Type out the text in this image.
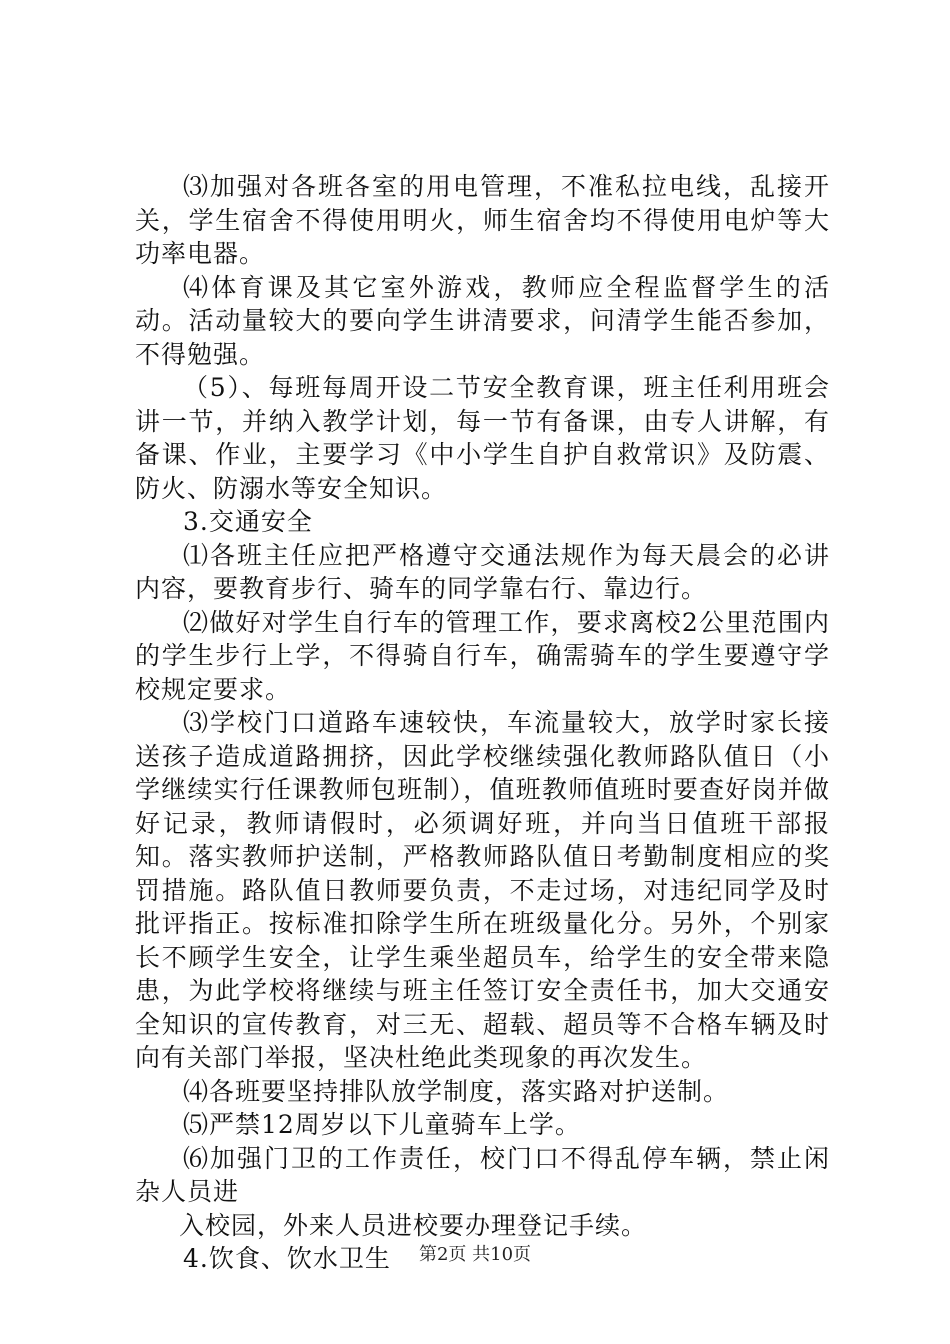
⑶加强对各班各室的用电管理，不准私拉电线，乱接开关，学生宿舍不得使用明火，师生宿舍均不得使用电炉等大功率电器。

⑷体育课及其它室外游戏，教师应全程监督学生的活动。活动量较大的要向学生讲清要求，问清学生能否参加，不得勉强。

（5）、每班每周开设二节安全教育课，班主任利用班会讲一节，并纳入教学计划，每一节有备课，由专人讲解，有备课、作业，主要学习《中小学生自护自救常识》及防震、防火、防溺水等安全知识。

3.交通安全

⑴各班主任应把严格遵守交通法规作为每天晨会的必讲内容，要教育步行、骑车的同学靠右行、靠边行。

⑵做好对学生自行车的管理工作，要求离校2公里范围内的学生步行上学，不得骑自行车，确需骑车的学生要遵守学校规定要求。

⑶学校门口道路车速较快，车流量较大，放学时家长接送孩子造成道路拥挤，因此学校继续强化教师路队值日（小学继续实行任课教师包班制），值班教师值班时要查好岗并做好记录，教师请假时，必须调好班，并向当日值班干部报知。落实教师护送制，严格教师路队值日考勤制度相应的奖罚措施。路队值日教师要负责，不走过场，对违纪同学及时批评指正。按标准扣除学生所在班级量化分。另外，个别家长不顾学生安全，让学生乘坐超员车，给学生的安全带来隐患，为此学校将继续与班主任签订安全责任书，加大交通安全知识的宣传教育，对三无、超载、超员等不合格车辆及时向有关部门举报，坚决杜绝此类现象的再次发生。

⑷各班要坚持排队放学制度，落实路对护送制。

⑸严禁12周岁以下儿童骑车上学。

⑹加强门卫的工作责任，校门口不得乱停车辆，禁止闲杂人员进

入校园，外来人员进校要办理登记手续。

4.饮食、饮水卫生	第2页 共10页
